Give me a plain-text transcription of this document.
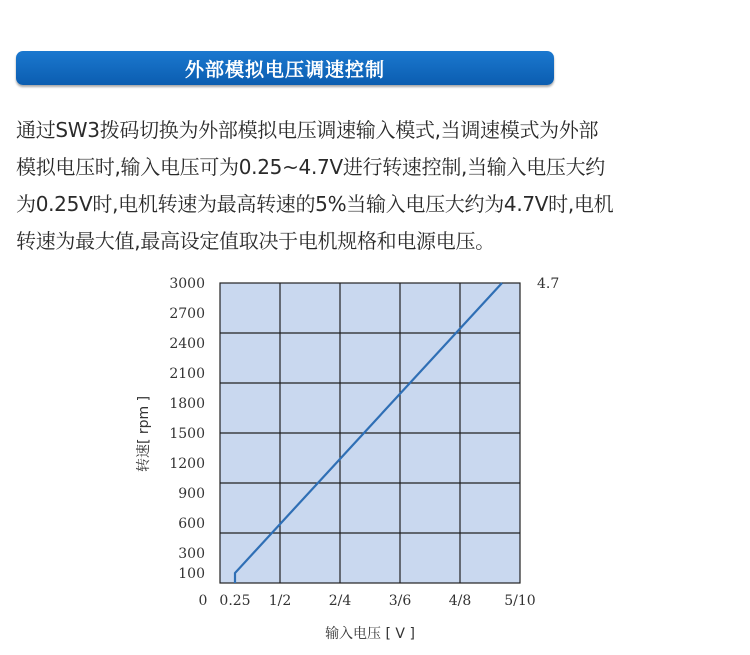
外部模拟电压调速控制
通过SW3拨码切换为外部模拟电压调速输入模式,当调速模式为外部
模拟电压时,输入电压可为0.25~4.7V进行转速控制,当输入电压大约
为0.25V时,电机转速为最高转速的5%当输入电压大约为4.7V时,电机
转速为最大值,最高设定值取决于电机规格和电源电压。
100
300
600
900
1200
1500
1800
2100
2400
2700
3000
0.25 1/2	2/4	3/6	4/8 5/10
0
4.7
转速[ rpm ]
输入电压 [ V ]
